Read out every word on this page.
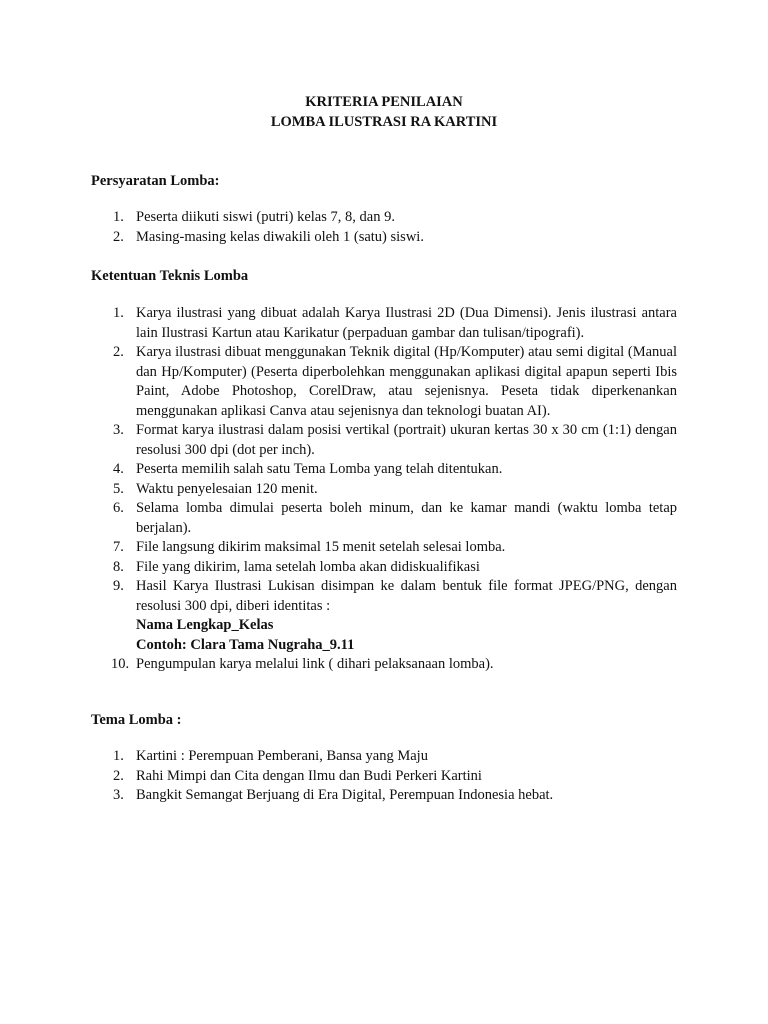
KRITERIA PENILAIAN
LOMBA ILUSTRASI RA KARTINI
Persyaratan Lomba:
1. Peserta diikuti siswi (putri) kelas 7, 8, dan 9.
2. Masing-masing kelas diwakili oleh 1 (satu) siswi.
Ketentuan Teknis Lomba
1. Karya ilustrasi yang dibuat adalah Karya Ilustrasi 2D (Dua Dimensi). Jenis ilustrasi antara lain Ilustrasi Kartun atau Karikatur (perpaduan gambar dan tulisan/tipografi).
2. Karya ilustrasi dibuat menggunakan Teknik digital (Hp/Komputer) atau semi digital (Manual dan Hp/Komputer) (Peserta diperbolehkan menggunakan aplikasi digital apapun seperti Ibis Paint, Adobe Photoshop, CorelDraw, atau sejenisnya. Peseta tidak diperkenankan menggunakan aplikasi Canva atau sejenisnya dan teknologi buatan AI).
3. Format karya ilustrasi dalam posisi vertikal (portrait) ukuran kertas 30 x 30 cm (1:1) dengan resolusi 300 dpi (dot per inch).
4. Peserta memilih salah satu Tema Lomba yang telah ditentukan.
5. Waktu penyelesaian 120 menit.
6. Selama lomba dimulai peserta boleh minum, dan ke kamar mandi (waktu lomba tetap berjalan).
7. File langsung dikirim maksimal 15 menit setelah selesai lomba.
8. File yang dikirim, lama setelah lomba akan didiskualifikasi
9. Hasil Karya Ilustrasi Lukisan disimpan ke dalam bentuk file format JPEG/PNG, dengan resolusi 300 dpi, diberi identitas :
Nama Lengkap_Kelas
Contoh: Clara Tama Nugraha_9.11
10. Pengumpulan karya melalui link ( dihari pelaksanaan lomba).
Tema Lomba :
1. Kartini : Perempuan Pemberani, Bansa yang Maju
2. Rahi Mimpi dan Cita dengan Ilmu dan Budi Perkeri Kartini
3. Bangkit Semangat Berjuang di Era Digital, Perempuan Indonesia hebat.
